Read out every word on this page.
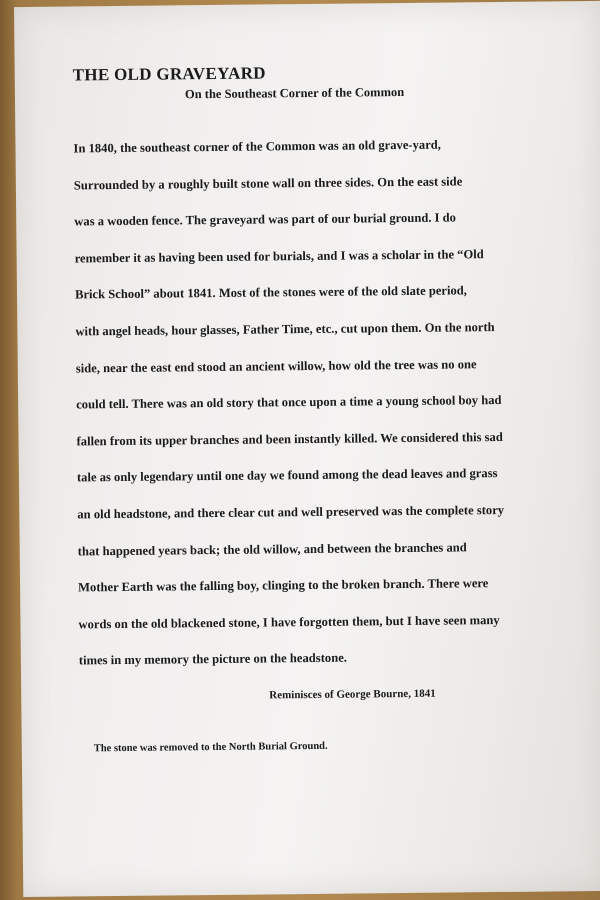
THE OLD GRAVEYARD
On the Southeast Corner of the Common

In 1840, the southeast corner of the Common was an old grave-yard,

Surrounded by a roughly built stone wall on three sides. On the east side

was a wooden fence. The graveyard was part of our burial ground. I do

remember it as having been used for burials, and I was a scholar in the “Old

Brick School” about 1841. Most of the stones were of the old slate period,

with angel heads, hour glasses, Father Time, etc., cut upon them. On the north

side, near the east end stood an ancient willow, how old the tree was no one

could tell. There was an old story that once upon a time a young school boy had

fallen from its upper branches and been instantly killed. We considered this sad

tale as only legendary until one day we found among the dead leaves and grass

an old headstone, and there clear cut and well preserved was the complete story

that happened years back; the old willow, and between the branches and

Mother Earth was the falling boy, clinging to the broken branch. There were

words on the old blackened stone, I have forgotten them, but I have seen many

times in my memory the picture on the headstone.

Reminisces of George Bourne, 1841
The stone was removed to the North Burial Ground.
